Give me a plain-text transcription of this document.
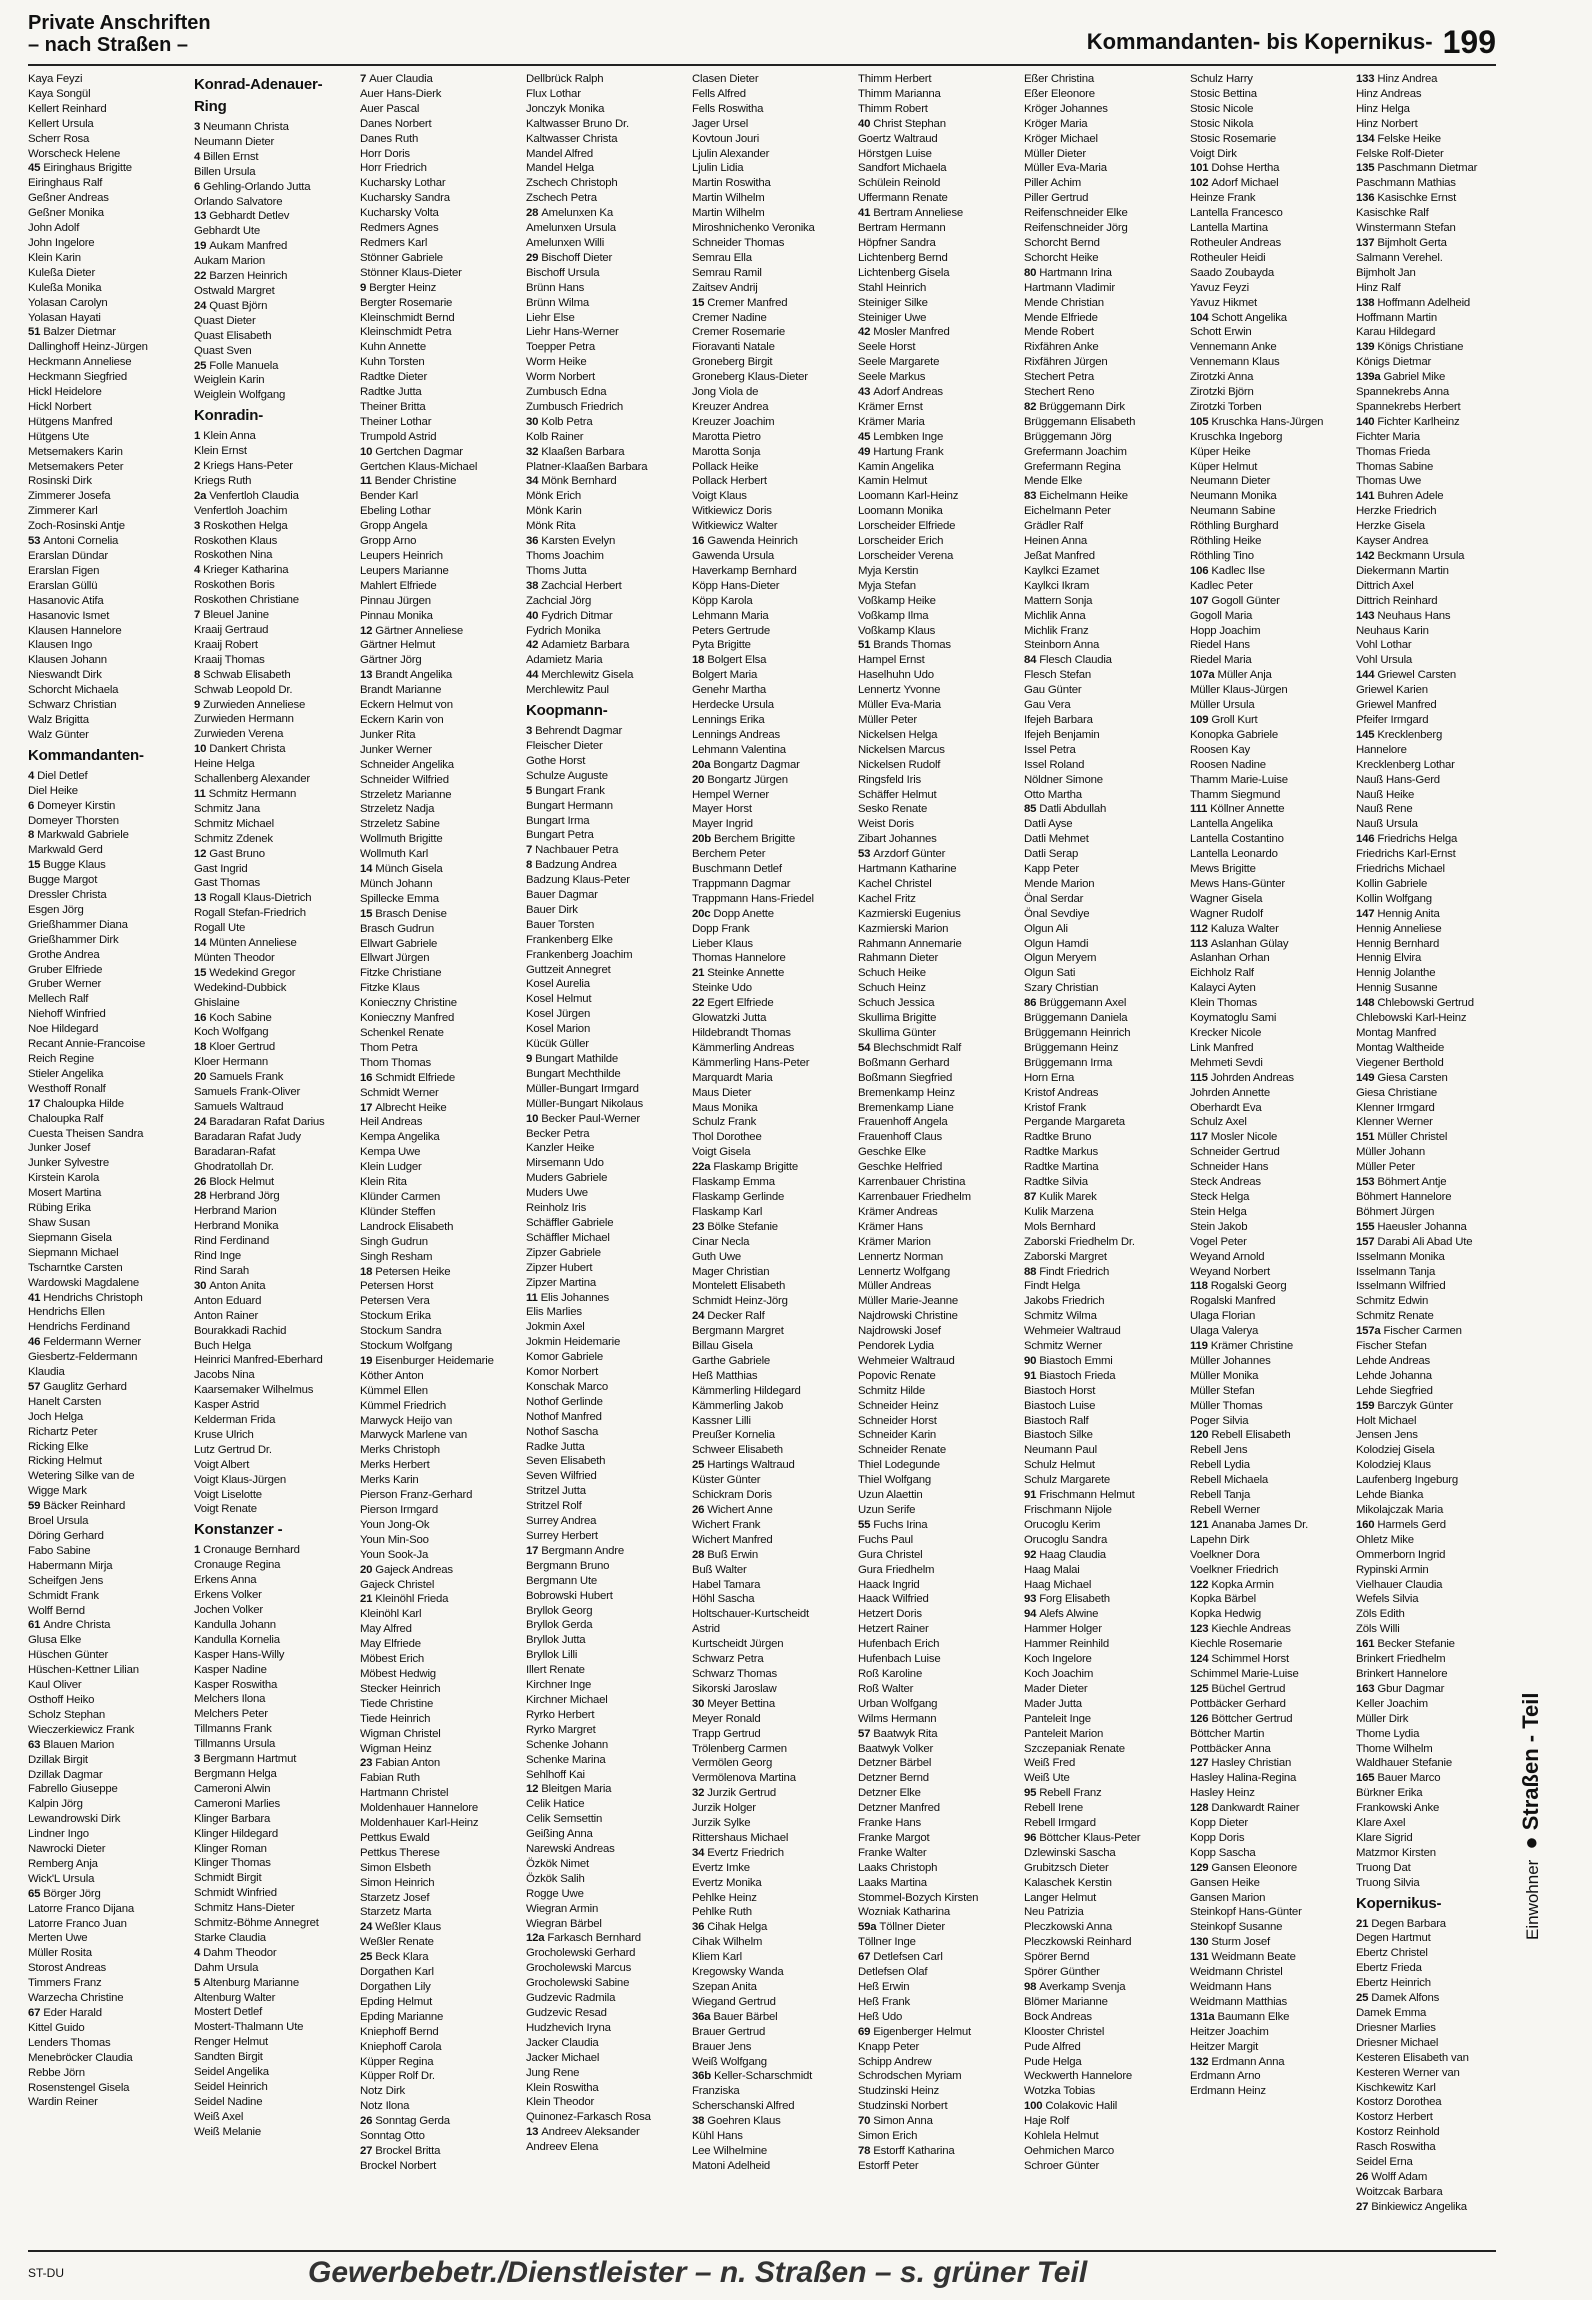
Private Anschriften
– nach Straßen –	Kommandanten- bis Kopernikus- 199
Kaya Feyzi
Kaya Songül
Kellert Reinhard
Kellert Ursula
Scherr Rosa
Worscheck Helene
45 Eiringhaus Brigitte
Eiringhaus Ralf
Geßner Andreas
Geßner Monika
John Adolf
John Ingelore
Klein Karin
Kuleßa Dieter
Kuleßa Monika
Yolasan Carolyn
Yolasan Hayati
51 Balzer Dietmar
Dallinghoff Heinz-Jürgen
Heckmann Anneliese
Heckmann Siegfried
Hickl Heidelore
Hickl Norbert
Hütgens Manfred
Hütgens Ute
Metsemakers Karin
Metsemakers Peter
Rosinski Dirk
Zimmerer Josefa
Zimmerer Karl
Zoch-Rosinski Antje
53 Antoni Cornelia
Erarslan Dündar
Erarslan Figen
Erarslan Güllü
Hasanovic Atifa
Hasanovic Ismet
Klausen Hannelore
Klausen Ingo
Klausen Johann
Nieswandt Dirk
Schorcht Michaela
Schwarz Christian
Walz Brigitta
Walz Günter
Kommandanten-
4 Diel Detlef
Diel Heike
6 Domeyer Kirstin
Domeyer Thorsten
8 Markwald Gabriele
Markwald Gerd
15 Bugge Klaus
Bugge Margot
Dressler Christa
Esgen Jörg
Grießhammer Diana
Grießhammer Dirk
Grothe Andrea
Gruber Elfriede
Gruber Werner
Mellech Ralf
Niehoff Winfried
Noe Hildegard
Recant Annie-Francoise
Reich Regine
Stieler Angelika
Westhoff Ronalf
17 Chaloupka Hilde
Chaloupka Ralf
Cuesta Theisen Sandra
Junker Josef
Junker Sylvestre
Kirstein Karola
Mosert Martina
Rübing Erika
Shaw Susan
Siepmann Gisela
Siepmann Michael
Tscharntke Carsten
Wardowski Magdalene
41 Hendrichs Christoph
Hendrichs Ellen
Hendrichs Ferdinand
46 Feldermann Werner
Giesbertz-Feldermann
Klaudia
57 Gauglitz Gerhard
Hanelt Carsten
Joch Helga
Richartz Peter
Ricking Elke
Ricking Helmut
Wetering Silke van de
Wigge Mark
59 Bäcker Reinhard
Broel Ursula
Döring Gerhard
Fabo Sabine
Habermann Mirja
Scheifgen Jens
Schmidt Frank
Wolff Bernd
61 Andre Christa
Glusa Elke
Hüschen Günter
Hüschen-Kettner Lilian
Kaul Oliver
Osthoff Heiko
Scholz Stephan
Wieczerkiewicz Frank
63 Blauen Marion
Dzillak Birgit
Dzillak Dagmar
Fabrello Giuseppe
Kalpin Jörg
Lewandrowski Dirk
Lindner Ingo
Nawrocki Dieter
Remberg Anja
Wick'L Ursula
65 Börger Jörg
Latorre Franco Dijana
Latorre Franco Juan
Merten Uwe
Müller Rosita
Storost Andreas
Timmers Franz
Warzecha Christine
67 Eder Harald
Kittel Guido
Lenders Thomas
Menebröcker Claudia
Rebbe Jörn
Rosenstengel Gisela
Wardin Reiner
Konrad-Adenauer-
Ring
3 Neumann Christa
Neumann Dieter
4 Billen Ernst
Billen Ursula
6 Gehling-Orlando Jutta
Orlando Salvatore
13 Gebhardt Detlev
Gebhardt Ute
19 Aukam Manfred
Aukam Marion
22 Barzen Heinrich
Ostwald Margret
24 Quast Björn
Quast Dieter
Quast Elisabeth
Quast Sven
25 Folle Manuela
Weiglein Karin
Weiglein Wolfgang
Konradin-
1 Klein Anna
Klein Ernst
2 Kriegs Hans-Peter
Kriegs Ruth
2a Venfertloh Claudia
Venfertloh Joachim
3 Roskothen Helga
Roskothen Klaus
Roskothen Nina
4 Krieger Katharina
Roskothen Boris
Roskothen Christiane
7 Bleuel Janine
Kraaij Gertraud
Kraaij Robert
Kraaij Thomas
8 Schwab Elisabeth
Schwab Leopold Dr.
9 Zurwieden Anneliese
Zurwieden Hermann
Zurwieden Verena
10 Dankert Christa
Heine Helga
Schallenberg Alexander
11 Schmitz Hermann
Schmitz Jana
Schmitz Michael
Schmitz Zdenek
12 Gast Bruno
Gast Ingrid
Gast Thomas
13 Rogall Klaus-Dietrich
Rogall Stefan-Friedrich
Rogall Ute
14 Münten Anneliese
Münten Theodor
15 Wedekind Gregor
Wedekind-Dubbick
Ghislaine
16 Koch Sabine
Koch Wolfgang
18 Kloer Gertrud
Kloer Hermann
20 Samuels Frank
Samuels Frank-Oliver
Samuels Waltraud
24 Baradaran Rafat Darius
Baradaran Rafat Judy
Baradaran-Rafat
Ghodratollah Dr.
26 Block Helmut
28 Herbrand Jörg
Herbrand Marion
Herbrand Monika
Rind Ferdinand
Rind Inge
Rind Sarah
30 Anton Anita
Anton Eduard
Anton Rainer
Bourakkadi Rachid
Buch Helga
Heinrici Manfred-Eberhard
Jacobs Nina
Kaarsemaker Wilhelmus
Kasper Astrid
Kelderman Frida
Kruse Ulrich
Lutz Gertrud Dr.
Voigt Albert
Voigt Klaus-Jürgen
Voigt Liselotte
Voigt Renate
Konstanzer -
1 Cronauge Bernhard
Cronauge Regina
Erkens Anna
Erkens Volker
Jochen Volker
Kandulla Johann
Kandulla Kornelia
Kasper Hans-Willy
Kasper Nadine
Kasper Roswitha
Melchers Ilona
Melchers Peter
Tillmanns Frank
Tillmanns Ursula
3 Bergmann Hartmut
Bergmann Helga
Cameroni Alwin
Cameroni Marlies
Klinger Barbara
Klinger Hildegard
Klinger Roman
Klinger Thomas
Schmidt Birgit
Schmidt Winfried
Schmitz Hans-Dieter
Schmitz-Böhme Annegret
Starke Claudia
4 Dahm Theodor
Dahm Ursula
5 Altenburg Marianne
Altenburg Walter
Mostert Detlef
Mostert-Thalmann Ute
Renger Helmut
Sandten Birgit
Seidel Angelika
Seidel Heinrich
Seidel Nadine
Weiß Axel
Weiß Melanie
7 Auer Claudia
Auer Hans-Dierk
Auer Pascal
Danes Norbert
Danes Ruth
Horr Doris
Horr Friedrich
Kucharsky Lothar
Kucharsky Sandra
Kucharsky Volta
Redmers Agnes
Redmers Karl
Stönner Gabriele
Stönner Klaus-Dieter
9 Bergter Heinz
Bergter Rosemarie
Kleinschmidt Bernd
Kleinschmidt Petra
Kuhn Annette
Kuhn Torsten
Radtke Dieter
Radtke Jutta
Theiner Britta
Theiner Lothar
Trumpold Astrid
10 Gertchen Dagmar
Gertchen Klaus-Michael
11 Bender Christine
Bender Karl
Ebeling Lothar
Gropp Angela
Gropp Arno
Leupers Heinrich
Leupers Marianne
Mahlert Elfriede
Pinnau Jürgen
Pinnau Monika
12 Gärtner Anneliese
Gärtner Helmut
Gärtner Jörg
13 Brandt Angelika
Brandt Marianne
Eckern Helmut von
Eckern Karin von
Junker Rita
Junker Werner
Schneider Angelika
Schneider Wilfried
Strzeletz Marianne
Strzeletz Nadja
Strzeletz Sabine
Wollmuth Brigitte
Wollmuth Karl
14 Münch Gisela
Münch Johann
Spillecke Emma
15 Brasch Denise
Brasch Gudrun
Ellwart Gabriele
Ellwart Jürgen
Fitzke Christiane
Fitzke Klaus
Konieczny Christine
Konieczny Manfred
Schenkel Renate
Thom Petra
Thom Thomas
16 Schmidt Elfriede
Schmidt Werner
17 Albrecht Heike
Heil Andreas
Kempa Angelika
Kempa Uwe
Klein Ludger
Klein Rita
Klünder Carmen
Klünder Steffen
Landrock Elisabeth
Singh Gudrun
Singh Resham
18 Petersen Heike
Petersen Horst
Petersen Vera
Stockum Erika
Stockum Sandra
Stockum Wolfgang
19 Eisenburger Heidemarie
Köther Anton
Kümmel Ellen
Kümmel Friedrich
Marwyck Heijo van
Marwyck Marlene van
Merks Christoph
Merks Herbert
Merks Karin
Pierson Franz-Gerhard
Pierson Irmgard
Youn Jong-Ok
Youn Min-Soo
Youn Sook-Ja
20 Gajeck Andreas
Gajeck Christel
21 Kleinöhl Frieda
Kleinöhl Karl
May Alfred
May Elfriede
Möbest Erich
Möbest Hedwig
Stecker Heinrich
Tiede Christine
Tiede Heinrich
Wigman Christel
Wigman Heinz
23 Fabian Anton
Fabian Ruth
Hartmann Christel
Moldenhauer Hannelore
Moldenhauer Karl-Heinz
Pettkus Ewald
Pettkus Therese
Simon Elsbeth
Simon Heinrich
Starzetz Josef
Starzetz Marta
24 Weßler Klaus
Weßler Renate
25 Beck Klara
Dorgathen Karl
Dorgathen Lily
Epding Helmut
Epding Marianne
Kniephoff Bernd
Kniephoff Carola
Küpper Regina
Küpper Rolf Dr.
Notz Dirk
Notz Ilona
26 Sonntag Gerda
Sonntag Otto
27 Brockel Britta
Brockel Norbert
Dellbrück Ralph
Flux Lothar
Jonczyk Monika
Kaltwasser Bruno Dr.
Kaltwasser Christa
Mandel Alfred
Mandel Helga
Zschech Christoph
Zschech Petra
28 Amelunxen Ka
Amelunxen Ursula
Amelunxen Willi
29 Bischoff Dieter
Bischoff Ursula
Brünn Hans
Brünn Wilma
Liehr Else
Liehr Hans-Werner
Toepper Petra
Worm Heike
Worm Norbert
Zumbusch Edna
Zumbusch Friedrich
30 Kolb Petra
Kolb Rainer
32 Klaaßen Barbara
Platner-Klaaßen Barbara
34 Mönk Bernhard
Mönk Erich
Mönk Karin
Mönk Rita
36 Karsten Evelyn
Thoms Joachim
Thoms Jutta
38 Zachcial Herbert
Zachcial Jörg
40 Fydrich Ditmar
Fydrich Monika
42 Adamietz Barbara
Adamietz Maria
44 Merchlewitz Gisela
Merchlewitz Paul
Koopmann-
3 Behrendt Dagmar
Fleischer Dieter
Gothe Horst
Schulze Auguste
5 Bungart Frank
Bungart Hermann
Bungart Irma
Bungart Petra
7 Nachbauer Petra
8 Badzung Andrea
Badzung Klaus-Peter
Bauer Dagmar
Bauer Dirk
Bauer Torsten
Frankenberg Elke
Frankenberg Joachim
Guttzeit Annegret
Kosel Aurelia
Kosel Helmut
Kosel Jürgen
Kosel Marion
Kücük Güller
9 Bungart Mathilde
Bungart Mechthilde
Müller-Bungart Irmgard
Müller-Bungart Nikolaus
10 Becker Paul-Werner
Becker Petra
Kanzler Heike
Mirsemann Udo
Muders Gabriele
Muders Uwe
Reinholz Iris
Schäffler Gabriele
Schäffler Michael
Zipzer Gabriele
Zipzer Hubert
Zipzer Martina
11 Elis Johannes
Elis Marlies
Jokmin Axel
Jokmin Heidemarie
Komor Gabriele
Komor Norbert
Konschak Marco
Nothof Gerlinde
Nothof Manfred
Nothof Sascha
Radke Jutta
Seven Elisabeth
Seven Wilfried
Stritzel Jutta
Stritzel Rolf
Surrey Andrea
Surrey Herbert
17 Bergmann Andre
Bergmann Bruno
Bergmann Ute
Bobrowski Hubert
Bryllok Georg
Bryllok Gerda
Bryllok Jutta
Bryllok Lilli
Illert Renate
Kirchner Inge
Kirchner Michael
Ryrko Herbert
Ryrko Margret
Schenke Johann
Schenke Marina
Sehlhoff Kai
12 Bleitgen Maria
Celik Hatice
Celik Semsettin
Geißing Anna
Narewski Andreas
Özkök Nimet
Özkök Salih
Rogge Uwe
Wiegran Armin
Wiegran Bärbel
12a Farkasch Bernhard
Grocholewski Gerhard
Grocholewski Marcus
Grocholewski Sabine
Gudzevic Radmila
Gudzevic Resad
Hudzhevich Iryna
Jacker Claudia
Jacker Michael
Jung Rene
Klein Roswitha
Klein Theodor
Quinonez-Farkasch Rosa
13 Andreev Aleksander
Andreev Elena
Clasen Dieter
Fells Alfred
Fells Roswitha
Jager Ursel
Kovtoun Jouri
Ljulin Alexander
Ljulin Lidia
Martin Roswitha
Martin Wilhelm
Martin Wilhelm
Miroshnichenko Veronika
Schneider Thomas
Semrau Ella
Semrau Ramil
Zaitsev Andrij
15 Cremer Manfred
Cremer Nadine
Cremer Rosemarie
Fioravanti Natale
Groneberg Birgit
Groneberg Klaus-Dieter
Jong Viola de
Kreuzer Andrea
Kreuzer Joachim
Marotta Pietro
Marotta Sonja
Pollack Heike
Pollack Herbert
Voigt Klaus
Witkiewicz Doris
Witkiewicz Walter
16 Gawenda Heinrich
Gawenda Ursula
Haverkamp Bernhard
Köpp Hans-Dieter
Köpp Karola
Lehmann Maria
Peters Gertrude
Pyta Brigitte
18 Bolgert Elsa
Bolgert Maria
Genehr Martha
Herdecke Ursula
Lennings Erika
Lennings Andreas
Lehmann Valentina
20a Bongartz Dagmar
20 Bongartz Jürgen
Hempel Werner
Mayer Horst
Mayer Ingrid
20b Berchem Brigitte
Berchem Peter
Buschmann Detlef
Trappmann Dagmar
Trappmann Hans-Friedel
20c Dopp Anette
Dopp Frank
Lieber Klaus
Thomas Hannelore
21 Steinke Annette
Steinke Udo
22 Egert Elfriede
Glowatzki Jutta
Hildebrandt Thomas
Kämmerling Andreas
Kämmerling Hans-Peter
Marquardt Maria
Maus Dieter
Maus Monika
Schulz Frank
Thol Dorothee
Voigt Gisela
22a Flaskamp Brigitte
Flaskamp Emma
Flaskamp Gerlinde
Flaskamp Karl
23 Bölke Stefanie
Cinar Necla
Guth Uwe
Mager Christian
Montelett Elisabeth
Schmidt Heinz-Jörg
24 Decker Ralf
Bergmann Margret
Billau Gisela
Garthe Gabriele
Heß Matthias
Kämmerling Hildegard
Kämmerling Jakob
Kassner Lilli
Preußer Kornelia
Schweer Elisabeth
25 Hartings Waltraud
Küster Günter
Schickram Doris
26 Wichert Anne
Wichert Frank
Wichert Manfred
28 Buß Erwin
Buß Walter
Habel Tamara
Höhl Sascha
Holtschauer-Kurtscheidt
Astrid
Kurtscheidt Jürgen
Schwarz Petra
Schwarz Thomas
Sikorski Jaroslaw
30 Meyer Bettina
Meyer Ronald
Trapp Gertrud
Trölenberg Carmen
Vermölen Georg
Vermölenova Martina
32 Jurzik Gertrud
Jurzik Holger
Jurzik Sylke
Rittershaus Michael
34 Evertz Friedrich
Evertz Imke
Evertz Monika
Pehlke Heinz
Pehlke Ruth
36 Cihak Helga
Cihak Wilhelm
Kliem Karl
Kregowsky Wanda
Szepan Anita
Wiegand Gertrud
36a Bauer Bärbel
Brauer Gertrud
Brauer Jens
Weiß Wolfgang
36b Keller-Scharschmidt
Franziska
Scherschanski Alfred
38 Goehren Klaus
Kühl Hans
Lee Wilhelmine
Matoni Adelheid
Thimm Herbert
Thimm Marianna
Thimm Robert
40 Christ Stephan
Goertz Waltraud
Hörstgen Luise
Sandfort Michaela
Schülein Reinold
Uffermann Renate
41 Bertram Anneliese
Bertram Hermann
Höpfner Sandra
Lichtenberg Bernd
Lichtenberg Gisela
Stahl Heinrich
Steiniger Silke
Steiniger Uwe
42 Mosler Manfred
Seele Horst
Seele Margarete
Seele Markus
43 Adorf Andreas
Krämer Ernst
Krämer Maria
45 Lembken Inge
49 Hartung Frank
Kamin Angelika
Kamin Helmut
Loomann Karl-Heinz
Loomann Monika
Lorscheider Elfriede
Lorscheider Erich
Lorscheider Verena
Myja Kerstin
Myja Stefan
Voßkamp Heike
Voßkamp Ilma
Voßkamp Klaus
51 Brands Thomas
Hampel Ernst
Haselhuhn Udo
Lennertz Yvonne
Müller Eva-Maria
Müller Peter
Nickelsen Helga
Nickelsen Marcus
Nickelsen Rudolf
Ringsfeld Iris
Schäffer Helmut
Sesko Renate
Weist Doris
Zibart Johannes
53 Arzdorf Günter
Hartmann Katharine
Kachel Christel
Kachel Fritz
Kazmierski Eugenius
Kazmierski Marion
Rahmann Annemarie
Rahmann Dieter
Schuch Heike
Schuch Heinz
Schuch Jessica
Skullima Brigitte
Skullima Günter
54 Blechschmidt Ralf
Boßmann Gerhard
Boßmann Siegfried
Bremenkamp Heinz
Bremenkamp Liane
Frauenhoff Angela
Frauenhoff Claus
Geschke Elke
Geschke Helfried
Karrenbauer Christina
Karrenbauer Friedhelm
Krämer Andreas
Krämer Hans
Krämer Marion
Lennertz Norman
Lennertz Wolfgang
Müller Andreas
Müller Marie-Jeanne
Najdrowski Christine
Najdrowski Josef
Pendorek Lydia
Wehmeier Waltraud
Popovic Renate
Schmitz Hilde
Schneider Heinz
Schneider Horst
Schneider Karin
Schneider Renate
Thiel Lodegunde
Thiel Wolfgang
Uzun Alaettin
Uzun Serife
55 Fuchs Irina
Fuchs Paul
Gura Christel
Gura Friedhelm
Haack Ingrid
Haack Wilfried
Hetzert Doris
Hetzert Rainer
Hufenbach Erich
Hufenbach Luise
Roß Karoline
Roß Walter
Urban Wolfgang
Wilms Hermann
57 Baatwyk Rita
Baatwyk Volker
Detzner Bärbel
Detzner Bernd
Detzner Elke
Detzner Manfred
Franke Hans
Franke Margot
Franke Walter
Laaks Christoph
Laaks Martina
Stommel-Bozych Kirsten
Wozniak Katharina
59a Töllner Dieter
Töllner Inge
67 Detlefsen Carl
Detlefsen Olaf
Heß Erwin
Heß Frank
Heß Udo
69 Eigenberger Helmut
Knapp Peter
Schipp Andrew
Schrodschen Myriam
Studzinski Heinz
Studzinski Norbert
70 Simon Anna
Simon Erich
78 Estorff Katharina
Estorff Peter
Eßer Christina
Eßer Eleonore
Kröger Johannes
Kröger Maria
Kröger Michael
Müller Dieter
Müller Eva-Maria
Piller Achim
Piller Gertrud
Reifenschneider Elke
Reifenschneider Jörg
Schorcht Bernd
Schorcht Heike
80 Hartmann Irina
Hartmann Vladimir
Mende Christian
Mende Elfriede
Mende Robert
Rixfähren Anke
Rixfähren Jürgen
Stechert Petra
Stechert Reno
82 Brüggemann Dirk
Brüggemann Elisabeth
Brüggemann Jörg
Grefermann Joachim
Grefermann Regina
Mende Elke
83 Eichelmann Heike
Eichelmann Peter
Grädler Ralf
Heinen Anna
Jeßat Manfred
Kaylkci Ezamet
Kaylkci Ikram
Mattern Sonja
Michlik Anna
Michlik Franz
Steinborn Anna
84 Flesch Claudia
Flesch Stefan
Gau Günter
Gau Vera
Ifejeh Barbara
Ifejeh Benjamin
Issel Petra
Issel Roland
Nöldner Simone
Otto Martha
85 Datli Abdullah
Datli Ayse
Datli Mehmet
Datli Serap
Kapp Peter
Mende Marion
Önal Serdar
Önal Sevdiye
Olgun Ali
Olgun Hamdi
Olgun Meryem
Olgun Sati
Szary Christian
86 Brüggemann Axel
Brüggemann Daniela
Brüggemann Heinrich
Brüggemann Heinz
Brüggemann Irma
Horn Erna
Kristof Andreas
Kristof Frank
Pergande Margareta
Radtke Bruno
Radtke Markus
Radtke Martina
Radtke Silvia
87 Kulik Marek
Kulik Marzena
Mols Bernhard
Zaborski Friedhelm Dr.
Zaborski Margret
88 Findt Friedrich
Findt Helga
Jakobs Friedrich
Schmitz Wilma
Wehmeier Waltraud
Schmitz Werner
90 Biastoch Emmi
91 Biastoch Frieda
Biastoch Horst
Biastoch Luise
Biastoch Ralf
Biastoch Silke
Neumann Paul
Schulz Helmut
Schulz Margarete
91 Frischmann Helmut
Frischmann Nijole
Orucoglu Kerim
Orucoglu Sandra
92 Haag Claudia
Haag Malai
Haag Michael
93 Forg Elisabeth
94 Alefs Alwine
Hammer Holger
Hammer Reinhild
Koch Ingelore
Koch Joachim
Mader Dieter
Mader Jutta
Panteleit Inge
Panteleit Marion
Szczepaniak Renate
Weiß Fred
Weiß Ute
95 Rebell Franz
Rebell Irene
Rebell Irmgard
96 Böttcher Klaus-Peter
Dzlewinski Sascha
Grubitzsch Dieter
Kalaschek Kerstin
Langer Helmut
Neu Patrizia
Pleczkowski Anna
Pleczkowski Reinhard
Spörer Bernd
Spörer Günther
98 Averkamp Svenja
Blömer Marianne
Bock Andreas
Klooster Christel
Pude Alfred
Pude Helga
Weckwerth Hannelore
Wotzka Tobias
100 Colakovic Halil
Haje Rolf
Kohlela Helmut
Oehmichen Marco
Schroer Günter
Schulz Harry
Stosic Bettina
Stosic Nicole
Stosic Nikola
Stosic Rosemarie
Voigt Dirk
101 Dohse Hertha
102 Adorf Michael
Heinze Frank
Lantella Francesco
Lantella Martina
Rotheuler Andreas
Rotheuler Heidi
Saado Zoubayda
Yavuz Feyzi
Yavuz Hikmet
104 Schott Angelika
Schott Erwin
Vennemann Anke
Vennemann Klaus
Zirotzki Anna
Zirotzki Björn
Zirotzki Torben
105 Kruschka Hans-Jürgen
Kruschka Ingeborg
Küper Heike
Küper Helmut
Neumann Dieter
Neumann Monika
Neumann Sabine
Röthling Burghard
Röthling Heike
Röthling Tino
106 Kadlec Ilse
Kadlec Peter
107 Gogoll Günter
Gogoll Maria
Hopp Joachim
Riedel Hans
Riedel Maria
107a Müller Anja
Müller Klaus-Jürgen
Müller Ursula
109 Groll Kurt
Konopka Gabriele
Roosen Kay
Roosen Nadine
Thamm Marie-Luise
Thamm Siegmund
111 Köllner Annette
Lantella Angelika
Lantella Costantino
Lantella Leonardo
Mews Brigitte
Mews Hans-Günter
Wagner Gisela
Wagner Rudolf
112 Kaluza Walter
113 Aslanhan Gülay
Aslanhan Orhan
Eichholz Ralf
Kalayci Ayten
Klein Thomas
Koymatoglu Sami
Krecker Nicole
Link Manfred
Mehmeti Sevdi
115 Johrden Andreas
Johrden Annette
Oberhardt Eva
Schulz Axel
117 Mosler Nicole
Schneider Gertrud
Schneider Hans
Steck Andreas
Steck Helga
Stein Helga
Stein Jakob
Vogel Peter
Weyand Arnold
Weyand Norbert
118 Rogalski Georg
Rogalski Manfred
Ulaga Florian
Ulaga Valerya
119 Krämer Christine
Müller Johannes
Müller Monika
Müller Stefan
Müller Thomas
Poger Silvia
120 Rebell Elisabeth
Rebell Jens
Rebell Lydia
Rebell Michaela
Rebell Tanja
Rebell Werner
121 Ananaba James Dr.
Lapehn Dirk
Voelkner Dora
Voelkner Friedrich
122 Kopka Armin
Kopka Bärbel
Kopka Hedwig
123 Kiechle Andreas
Kiechle Rosemarie
124 Schimmel Horst
Schimmel Marie-Luise
125 Büchel Gertrud
Pottbäcker Gerhard
126 Böttcher Gertrud
Böttcher Martin
Pottbäcker Anna
127 Hasley Christian
Hasley Halina-Regina
Hasley Heinz
128 Dankwardt Rainer
Kopp Dieter
Kopp Doris
Kopp Sascha
129 Gansen Eleonore
Gansen Heike
Gansen Marion
Steinkopf Hans-Günter
Steinkopf Susanne
130 Sturm Josef
131 Weidmann Beate
Weidmann Christel
Weidmann Hans
Weidmann Matthias
131a Baumann Elke
Heitzer Joachim
Heitzer Margit
132 Erdmann Anna
Erdmann Arno
Erdmann Heinz
133 Hinz Andrea
Hinz Andreas
Hinz Helga
Hinz Norbert
134 Felske Heike
Felske Rolf-Dieter
135 Paschmann Dietmar
Paschmann Mathias
136 Kasischke Ernst
Kasischke Ralf
Winstermann Stefan
137 Bijmholt Gerta
Salmann Verehel.
Bijmholt Jan
Hinz Ralf
138 Hoffmann Adelheid
Hoffmann Martin
Karau Hildegard
139 Königs Christiane
Königs Dietmar
139a Gabriel Mike
Spannekrebs Anna
Spannekrebs Herbert
140 Fichter Karlheinz
Fichter Maria
Thomas Frieda
Thomas Sabine
Thomas Uwe
141 Buhren Adele
Herzke Friedrich
Herzke Gisela
Kayser Andrea
142 Beckmann Ursula
Diekermann Martin
Dittrich Axel
Dittrich Reinhard
143 Neuhaus Hans
Neuhaus Karin
Vohl Lothar
Vohl Ursula
144 Griewel Carsten
Griewel Karien
Griewel Manfred
Pfeifer Irmgard
145 Krecklenberg
Hannelore
Krecklenberg Lothar
Nauß Hans-Gerd
Nauß Heike
Nauß Rene
Nauß Ursula
146 Friedrichs Helga
Friedrichs Karl-Ernst
Friedrichs Michael
Kollin Gabriele
Kollin Wolfgang
147 Hennig Anita
Hennig Anneliese
Hennig Bernhard
Hennig Elvira
Hennig Jolanthe
Hennig Susanne
148 Chlebowski Gertrud
Chlebowski Karl-Heinz
Montag Manfred
Montag Waltheide
Viegener Berthold
149 Giesa Carsten
Giesa Christiane
Klenner Irmgard
Klenner Werner
151 Müller Christel
Müller Johann
Müller Peter
153 Böhmert Antje
Böhmert Hannelore
Böhmert Jürgen
155 Haeusler Johanna
157 Darabi Ali Abad Ute
Isselmann Monika
Isselmann Tanja
Isselmann Wilfried
Schmitz Edwin
Schmitz Renate
157a Fischer Carmen
Fischer Stefan
Lehde Andreas
Lehde Johanna
Lehde Siegfried
159 Barczyk Günter
Holt Michael
Jensen Jens
Kolodziej Gisela
Kolodziej Klaus
Laufenberg Ingeburg
Lehde Bianka
Mikolajczak Maria
160 Harmels Gerd
Ohletz Mike
Ommerborn Ingrid
Rypinski Armin
Vielhauer Claudia
Wefels Silvia
Zöls Edith
Zöls Willi
161 Becker Stefanie
Brinkert Friedhelm
Brinkert Hannelore
163 Gbur Dagmar
Keller Joachim
Müller Dirk
Thome Lydia
Thome Wilhelm
Waldhauer Stefanie
165 Bauer Marco
Bürkner Erika
Frankowski Anke
Klare Axel
Klare Sigrid
Matzmor Kirsten
Truong Dat
Truong Silvia
Kopernikus-
21 Degen Barbara
Degen Hartmut
Ebertz Christel
Ebertz Frieda
Ebertz Heinrich
25 Damek Alfons
Damek Emma
Driesner Marlies
Driesner Michael
Kesteren Elisabeth van
Kesteren Werner van
Kischkewitz Karl
Kostorz Dorothea
Kostorz Herbert
Kostorz Reinhold
Rasch Roswitha
Seidel Erna
26 Wolff Adam
Woitzcak Barbara
27 Binkiewicz Angelika
Einwohner● Straßen - Teil
ST-DU	Gewerbebetr./Dienstleister – n. Straßen – s. grüner Teil
